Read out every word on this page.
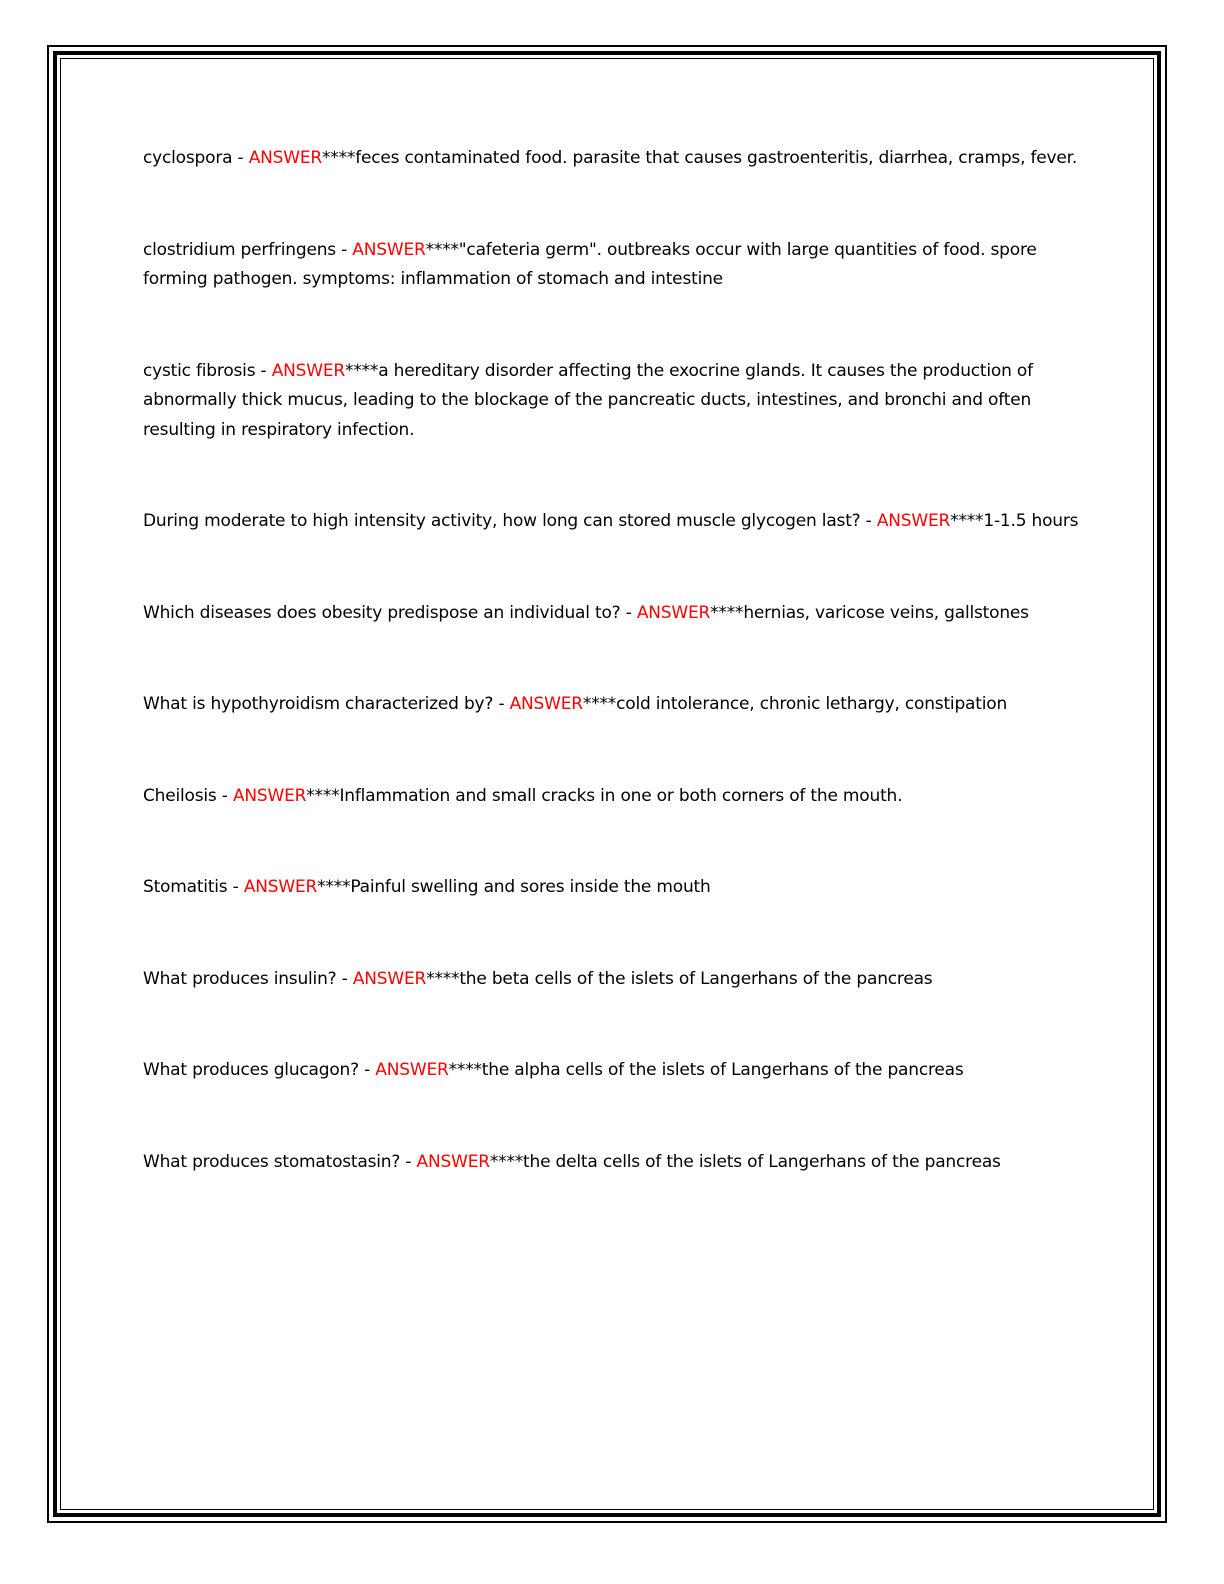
cyclospora - ANSWER****feces contaminated food. parasite that causes gastroenteritis, diarrhea, cramps, fever.

clostridium perfringens - ANSWER****"cafeteria germ". outbreaks occur with large quantities of food. spore forming pathogen. symptoms: inflammation of stomach and intestine

cystic fibrosis - ANSWER****a hereditary disorder affecting the exocrine glands. It causes the production of abnormally thick mucus, leading to the blockage of the pancreatic ducts, intestines, and bronchi and often resulting in respiratory infection.

During moderate to high intensity activity, how long can stored muscle glycogen last? - ANSWER****1-1.5 hours

Which diseases does obesity predispose an individual to? - ANSWER****hernias, varicose veins, gallstones

What is hypothyroidism characterized by? - ANSWER****cold intolerance, chronic lethargy, constipation

Cheilosis - ANSWER****Inflammation and small cracks in one or both corners of the mouth.

Stomatitis - ANSWER****Painful swelling and sores inside the mouth

What produces insulin? - ANSWER****the beta cells of the islets of Langerhans of the pancreas

What produces glucagon? - ANSWER****the alpha cells of the islets of Langerhans of the pancreas

What produces stomatostasin? - ANSWER****the delta cells of the islets of Langerhans of the pancreas
